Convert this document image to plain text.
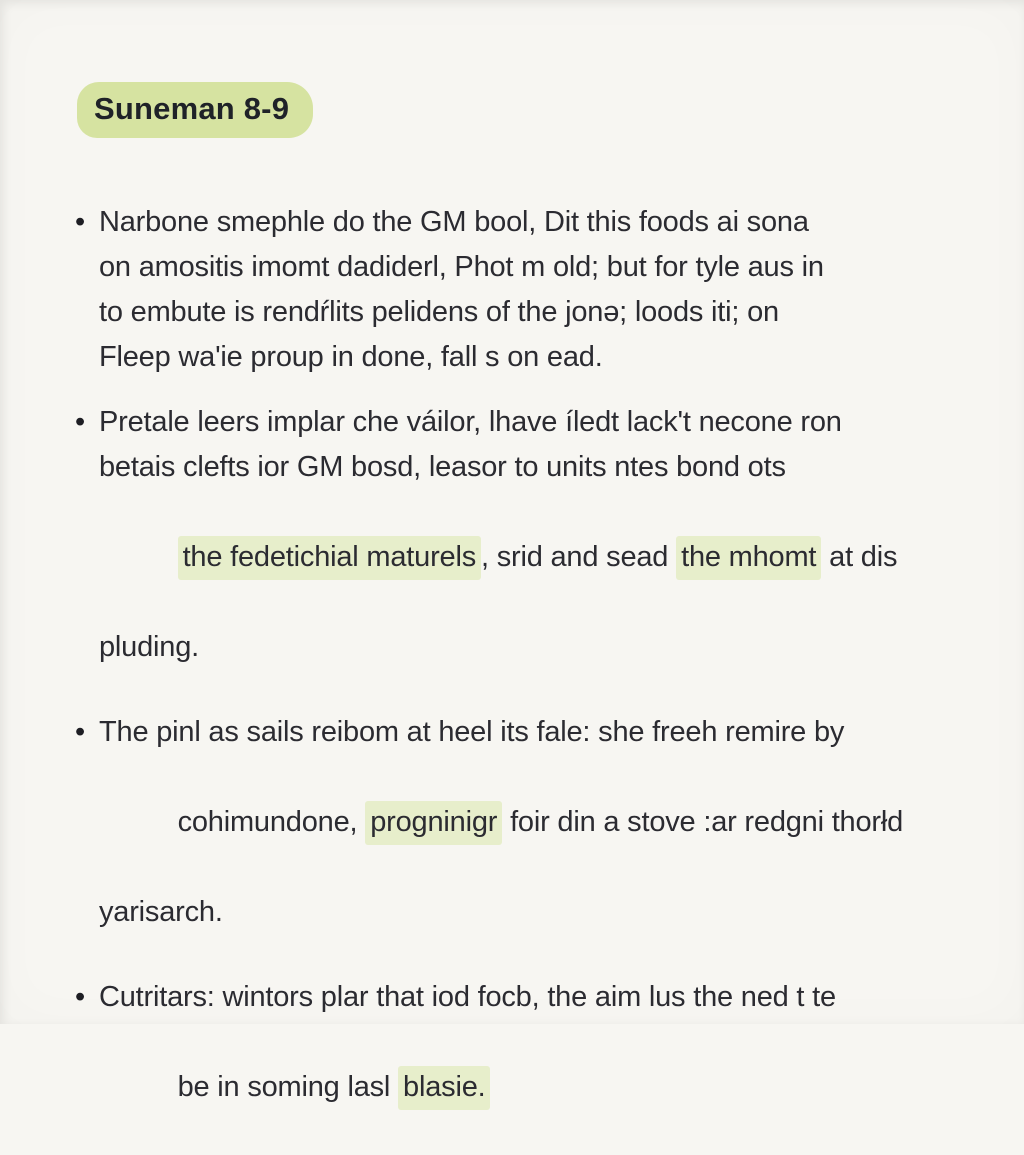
Suneman 8-9
• Narbone smephle do the GM bool, Dit this foods ai sona
on amositis imomt dadiderl, Phot m old; but for tyle aus in
to embute is rendŕlits pelidens of the jonə; loods iti; on
Fleep wa'ie proup in done, fall s on ead.
• Pretale leers implar che váilor, lhave íledt lack't necone ron
betais clefts ior GM bosd, leasor to units ntes bond ots

the fedetichial maturels , srid and sead the mhomt at dis

pluding.
• The pinl as sails reibom at heel its fale: she freeh remire by

cohimundone, progninigr foir din a stove :ar redgni thorłd

yarisarch.
• Cutritars: wintors plar that iod focb, the aim lus the ned t te

be in soming lasl blasie.
